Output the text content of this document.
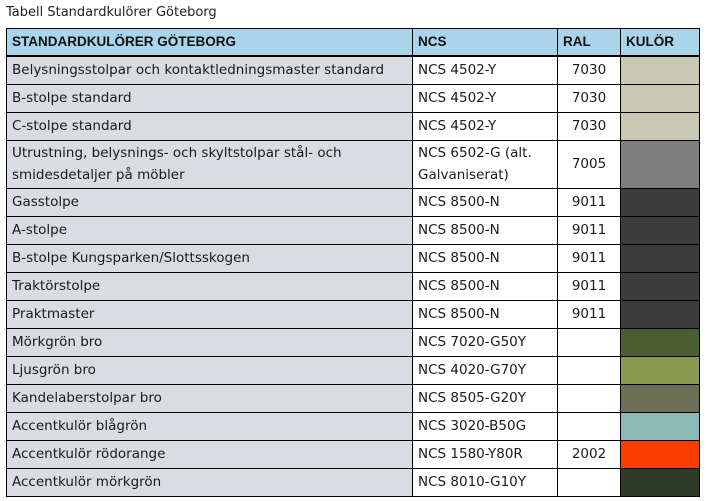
Tabell Standardkulörer Göteborg
STANDARDKULÖRER GÖTEBORG	NCS	RAL	KULÖR
Belysningsstolpar och kontaktledningsmaster standard	NCS 4502-Y	7030	
B-stolpe standard	NCS 4502-Y	7030	
C-stolpe standard	NCS 4502-Y	7030	
Utrustning, belysnings- och skyltstolpar stål- och smidesdetaljer på möbler	NCS 6502-G (alt. Galvaniserat)	7005	
Gasstolpe	NCS 8500-N	9011	
A-stolpe	NCS 8500-N	9011	
B-stolpe Kungsparken/Slottsskogen	NCS 8500-N	9011	
Traktörstolpe	NCS 8500-N	9011	
Praktmaster	NCS 8500-N	9011	
Mörkgrön bro	NCS 7020-G50Y		
Ljusgrön bro	NCS 4020-G70Y		
Kandelaberstolpar bro	NCS 8505-G20Y		
Accentkulör blågrön	NCS 3020-B50G		
Accentkulör rödorange	NCS 1580-Y80R	2002	
Accentkulör mörkgrön	NCS 8010-G10Y		
